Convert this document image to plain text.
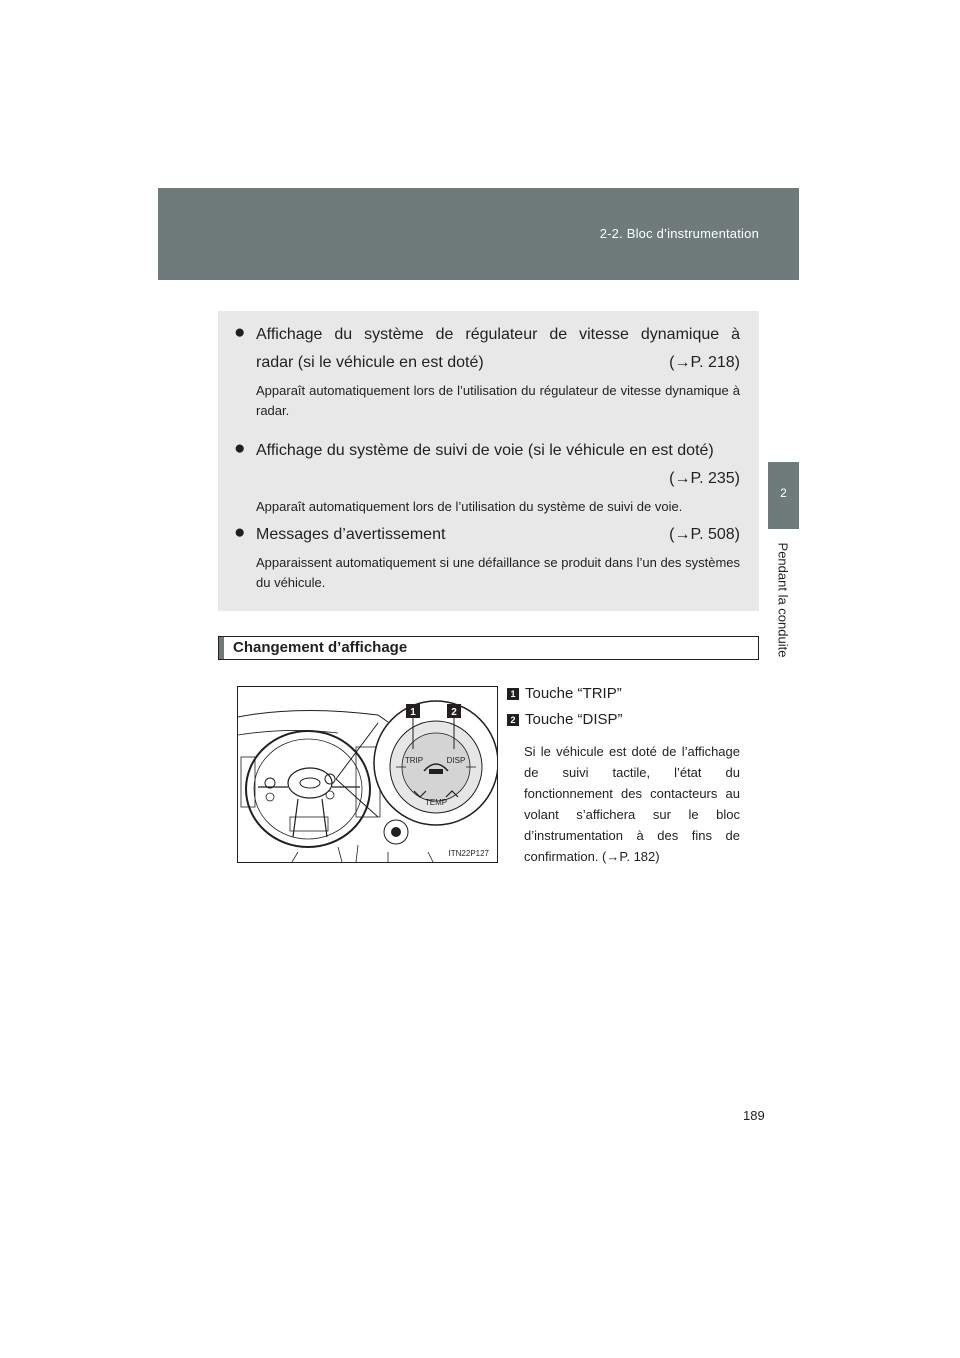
2-2. Bloc d’instrumentation
2
Pendant la conduite
● Affichage du système de régulateur de vitesse dynamique à
radar (si le véhicule en est doté)	(→P. 218)
Apparaît automatiquement lors de l’utilisation du régulateur de vitesse dynamique à radar.
● Affichage du système de suivi de voie (si le véhicule en est doté)
(→P. 235)
Apparaît automatiquement lors de l’utilisation du système de suivi de voie.
● Messages d’avertissement	(→P. 508)
Apparaissent automatiquement si une défaillance se produit dans l’un des systèmes du véhicule.
Changement d’affichage
1	2
TRIP	DISP
TEMP
ITN22P127
1 Touche “TRIP”
2 Touche “DISP”
Si le véhicule est doté de l’affichage de suivi tactile, l’état du fonctionnement des contacteurs au volant s’affichera sur le bloc d’instrumentation à des fins de confirmation. (→P. 182)
189
